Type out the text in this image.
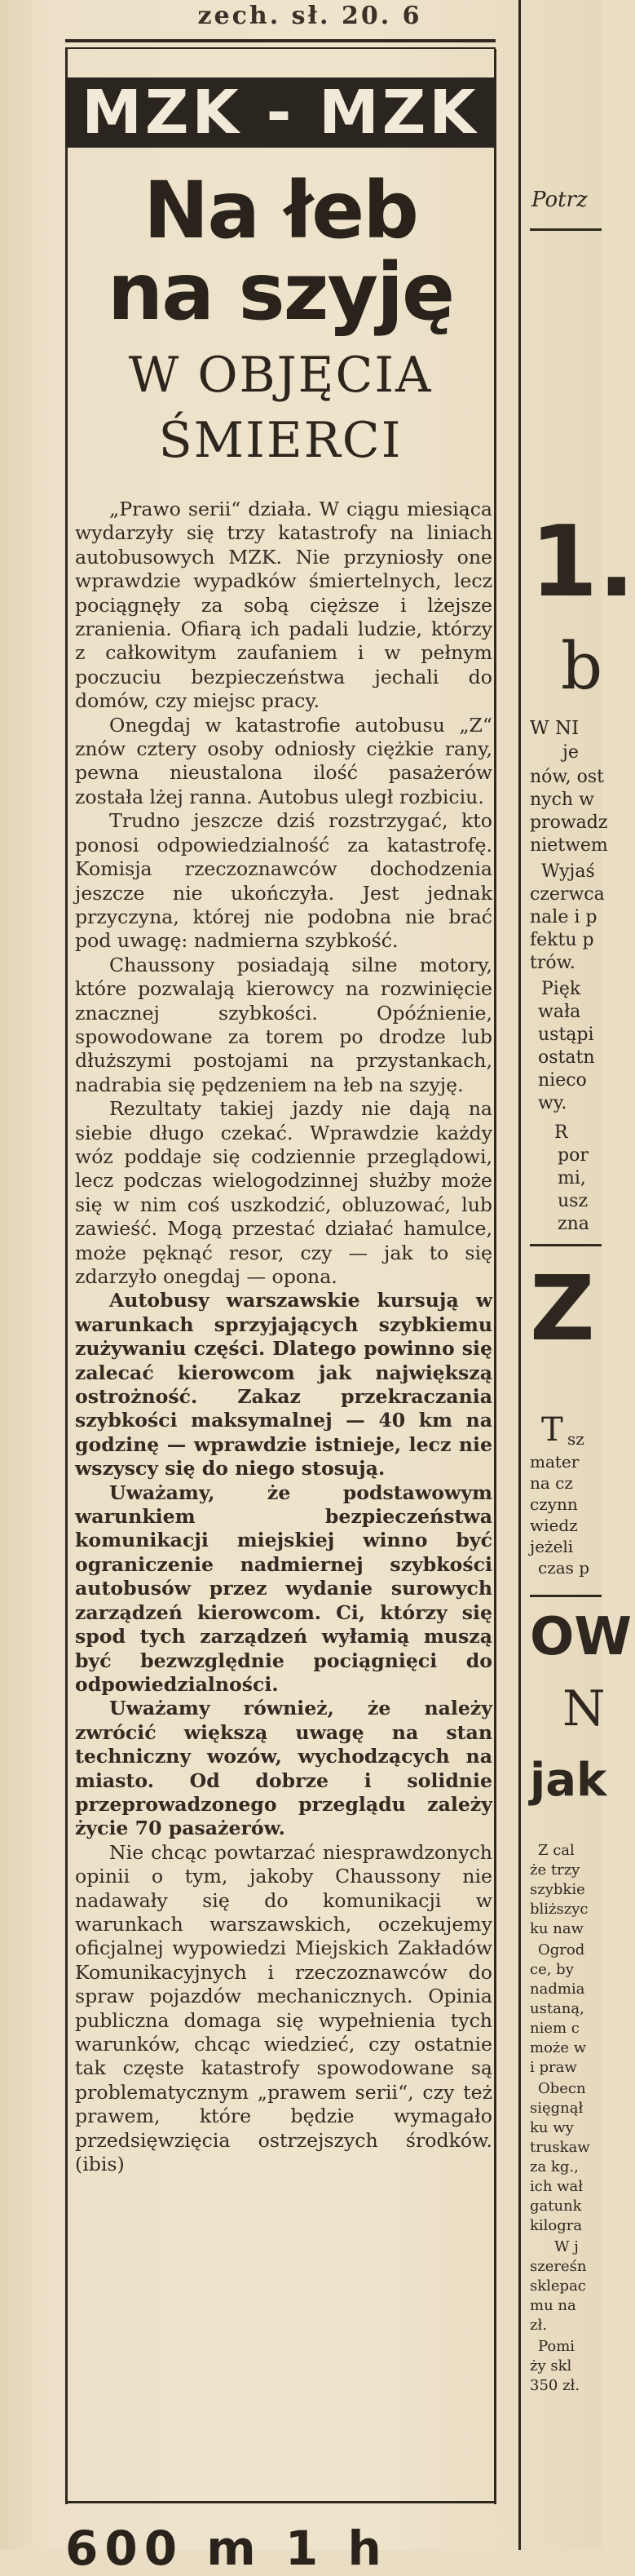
zech. sł. 20. 6
MZK - MZK
Na łeb
na szyję
W OBJĘCIA
ŚMIERCI

„Prawo serii“ działa. W ciągu miesiąca wydarzyły się trzy katastrofy na liniach autobusowych MZK. Nie przyniosły one wprawdzie wypadków śmiertelnych, lecz pociągnęły za sobą cięższe i lżejsze zranienia. Ofiarą ich padali ludzie, którzy z całkowitym zaufaniem i w pełnym poczuciu bezpieczeństwa jechali do domów, czy miejsc pracy.

Onegdaj w katastrofie autobusu „Z“ znów cztery osoby odniosły ciężkie rany, pewna nieustalona ilość pasażerów została lżej ranna. Autobus uległ rozbiciu.

Trudno jeszcze dziś rozstrzygać, kto ponosi odpowiedzialność za katastrofę. Komisja rzeczoznawców dochodzenia jeszcze nie ukończyła. Jest jednak przyczyna, której nie podobna nie brać pod uwagę: nadmierna szybkość.

Chaussony posiadają silne motory, które pozwalają kierowcy na rozwinięcie znacznej szybkości. Opóźnienie, spowodowane za torem po drodze lub dłuższymi postojami na przystankach, nadrabia się pędzeniem na łeb na szyję.

Rezultaty takiej jazdy nie dają na siebie długo czekać. Wprawdzie każdy wóz poddaje się codziennie przeglądowi, lecz podczas wielogodzinnej służby może się w nim coś uszkodzić, obluzować, lub zawieść. Mogą przestać działać hamulce, może pęknąć resor, czy — jak to się zdarzyło onegdaj — opona.

Autobusy warszawskie kursują w warunkach sprzyjających szybkiemu zużywaniu części. Dlatego powinno się zalecać kierowcom jak największą ostrożność. Zakaz przekraczania szybkości maksymalnej — 40 km na godzinę — wprawdzie istnieje, lecz nie wszyscy się do niego stosują.

Uważamy, że podstawowym warunkiem bezpieczeństwa komunikacji miejskiej winno być ograniczenie nadmiernej szybkości autobusów przez wydanie surowych zarządzeń kierowcom. Ci, którzy się spod tych zarządzeń wyłamią muszą być bezwzględnie pociągnięci do odpowiedzialności.

Uważamy również, że należy zwrócić większą uwagę na stan techniczny wozów, wychodzących na miasto. Od dobrze i solidnie przeprowadzonego przeglądu zależy życie 70 pasażerów.

Nie chcąc powtarzać niesprawdzonych opinii o tym, jakoby Chaussony nie nadawały się do komunikacji w warunkach warszawskich, oczekujemy oficjalnej wypowiedzi Miejskich Zakładów Komunikacyjnych i rzeczoznawców do spraw pojazdów mechanicznych. Opinia publiczna domaga się wypełnienia tych warunków, chcąc wiedzieć, czy ostatnie tak częste katastrofy spowodowane są problematycznym „prawem serii“, czy też prawem, które będzie wymagało przedsięwzięcia ostrzejszych środków. (ibis)

Potrz
1.
b
W NI
je
nów, ost
nych w
prowadz
nietwem
Wyjaś
czerwca
nale i p
fektu p
trów.
Pięk
wała
ustąpi
ostatn
nieco
wy.
R
por
mi,
usz
zna
Z
T sz
mater
na cz
czynn
wiedz
jeżeli
czas p
OW
N
jak
Z cal
że trzy
szybkie
bliższyc
ku naw
Ogrod
ce, by
nadmia
ustaną,
niem c
może w
i praw
Obecn
sięgnął
ku wy
truskaw
za kg.,
ich wał
gatunk
kilogra
W j
szereśn
sklepac
mu na
zł.
Pomi
ży skl
350 zł.
600 m 1 h
